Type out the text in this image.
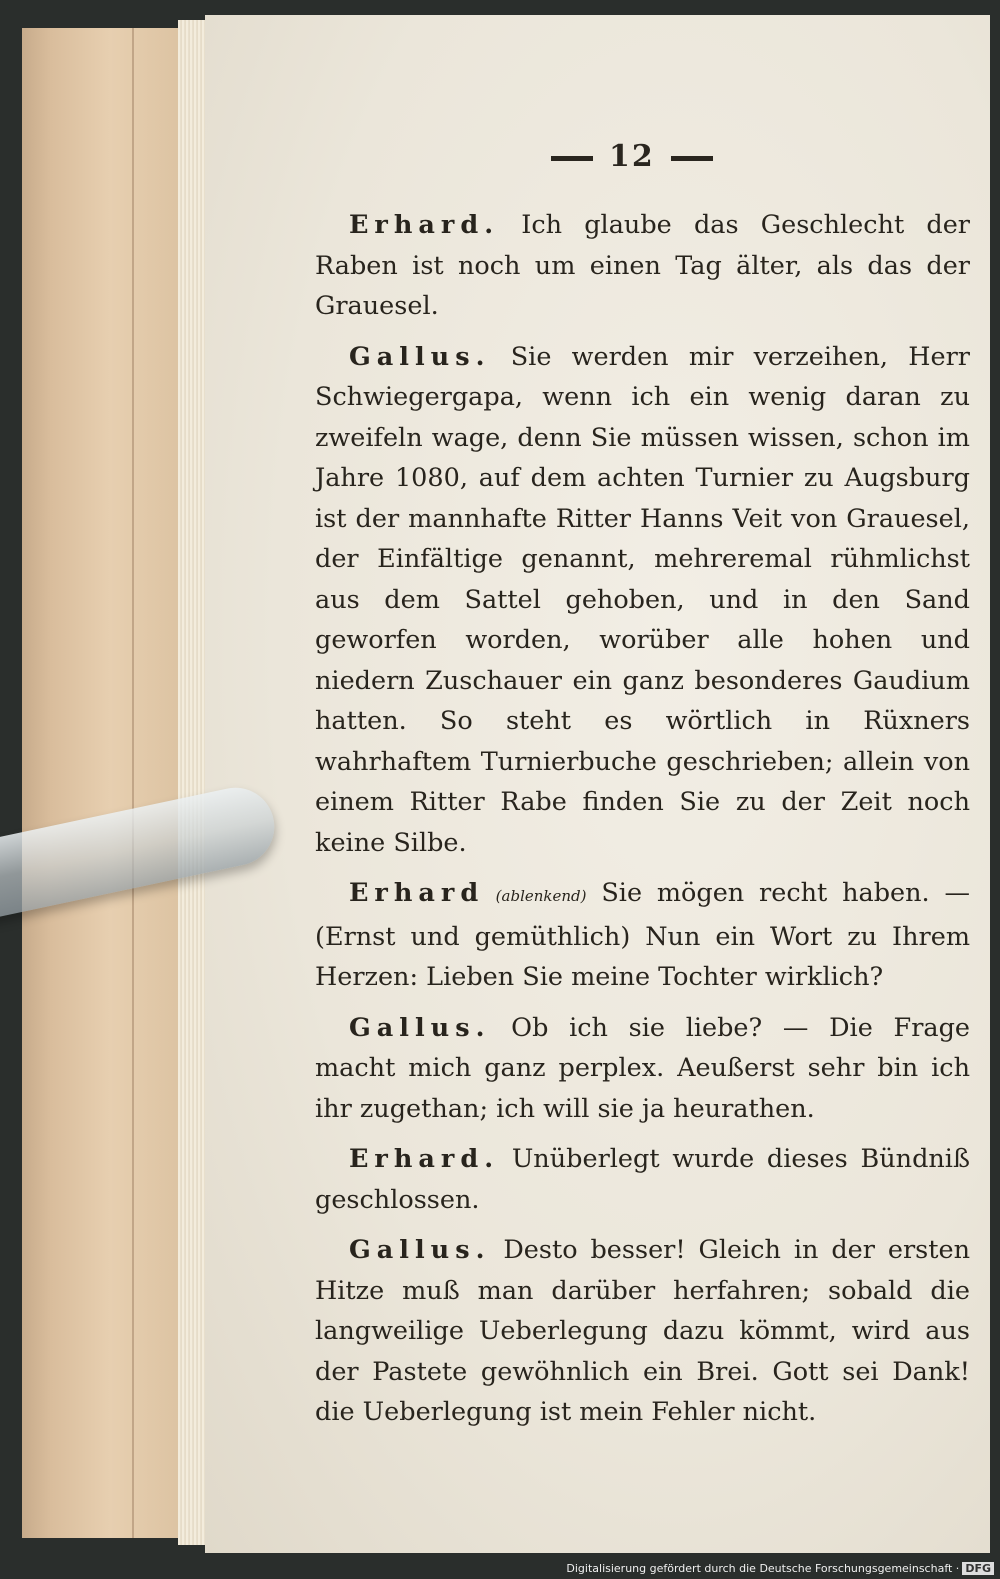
12

Erhard. Ich glaube das Geschlecht der Raben ist noch um einen Tag älter, als das der Grauesel.

Gallus. Sie werden mir verzeihen, Herr Schwiegergapa, wenn ich ein wenig daran zu zweifeln wage, denn Sie müssen wissen, schon im Jahre 1080, auf dem achten Turnier zu Augsburg ist der mannhafte Ritter Hanns Veit von Grauesel, der Einfältige genannt, mehreremal rühmlichst aus dem Sattel gehoben, und in den Sand geworfen worden, worüber alle hohen und niedern Zuschauer ein ganz besonderes Gaudium hatten. So steht es wörtlich in Rüxners wahrhaftem Turnierbuche geschrieben; allein von einem Ritter Rabe finden Sie zu der Zeit noch keine Silbe.

Erhard (ablenkend) Sie mögen recht haben. — (Ernst und gemüthlich) Nun ein Wort zu Ihrem Herzen: Lieben Sie meine Tochter wirklich?

Gallus. Ob ich sie liebe? — Die Frage macht mich ganz perplex. Aeußerst sehr bin ich ihr zugethan; ich will sie ja heurathen.

Erhard. Unüberlegt wurde dieses Bündniß geschlossen.

Gallus. Desto besser! Gleich in der ersten Hitze muß man darüber herfahren; sobald die langweilige Ueberlegung dazu kömmt, wird aus der Pastete gewöhnlich ein Brei. Gott sei Dank! die Ueberlegung ist mein Fehler nicht.

Digitalisierung gefördert durch die Deutsche Forschungsgemeinschaft · DFG
